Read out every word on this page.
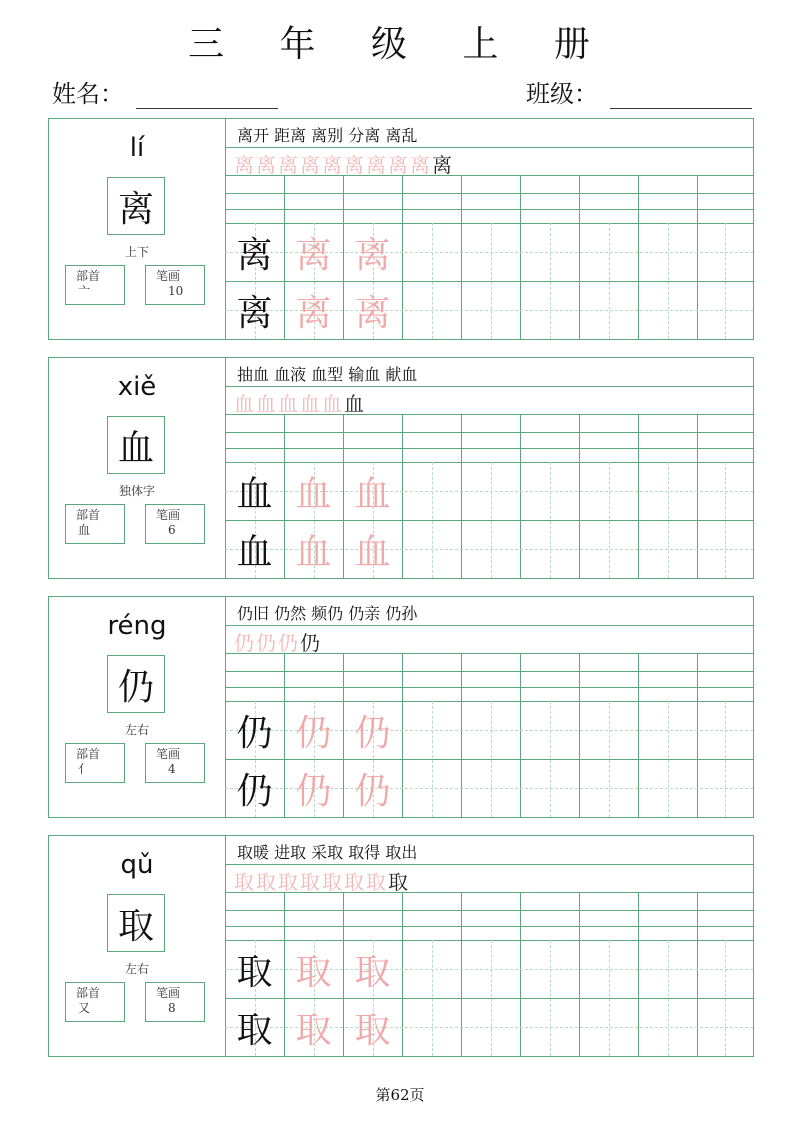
三 年 级 上 册
姓名：	班级：
lí
离
上下
部首
亠
笔画
10
离开 距离 离别 分离 离乱
离 离 离 离 离 离 离 离 离 离
离 离 离
离 离 离
xiě
血
独体字
部首
血
笔画
6
抽血 血液 血型 输血 献血
血 血 血 血 血 血
血 血 血
血 血 血
réng
仍
左右
部首
亻
笔画
4
仍旧 仍然 频仍 仍亲 仍孙
仍 仍 仍 仍
仍 仍 仍
仍 仍 仍
qǔ
取
左右
部首
又
笔画
8
取暖 进取 采取 取得 取出
取 取 取 取 取 取 取 取
取 取 取
取 取 取
第62页
